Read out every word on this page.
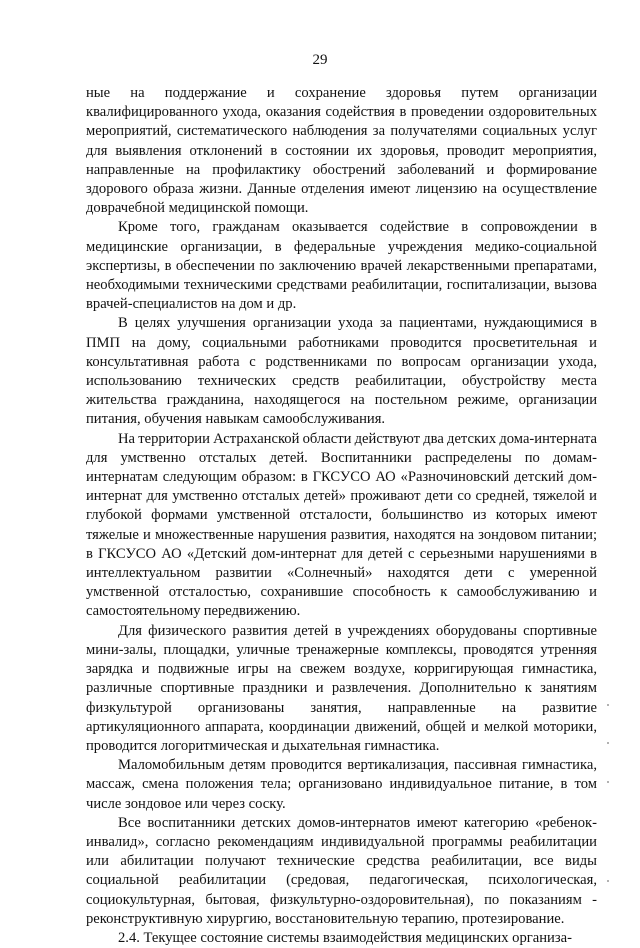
29

ные на поддержание и сохранение здоровья путем организации квалифицированного ухода, оказания содействия в проведении оздоровительных мероприятий, систематического наблюдения за получателями социальных услуг для выявления отклонений в состоянии их здоровья, проводит мероприятия, направленные на профилактику обострений заболеваний и формирование здорового образа жизни. Данные отделения имеют лицензию на осуществление доврачебной медицинской помощи.

Кроме того, гражданам оказывается содействие в сопровождении в медицинские организации, в федеральные учреждения медико-социальной экспертизы, в обеспечении по заключению врачей лекарственными препаратами, необходимыми техническими средствами реабилитации, госпитализации, вызова врачей-специалистов на дом и др.

В целях улучшения организации ухода за пациентами, нуждающимися в ПМП на дому, социальными работниками проводится просветительная и консультативная работа с родственниками по вопросам организации ухода, использованию технических средств реабилитации, обустройству места жительства гражданина, находящегося на постельном режиме, организации питания, обучения навыкам самообслуживания.

На территории Астраханской области действуют два детских дома-интерната для умственно отсталых детей. Воспитанники распределены по домам-интернатам следующим образом: в ГКСУСО АО «Разночиновский детский дом-интернат для умственно отсталых детей» проживают дети со средней, тяжелой и глубокой формами умственной отсталости, большинство из которых имеют тяжелые и множественные нарушения развития, находятся на зондовом питании; в ГКСУСО АО «Детский дом-интернат для детей с серьезными нарушениями в интеллектуальном развитии «Солнечный» находятся дети с умеренной умственной отсталостью, сохранившие способность к самообслуживанию и самостоятельному передвижению.

Для физического развития детей в учреждениях оборудованы спортивные мини-залы, площадки, уличные тренажерные комплексы, проводятся утренняя зарядка и подвижные игры на свежем воздухе, корригирующая гимнастика, различные спортивные праздники и развлечения. Дополнительно к занятиям физкультурой организованы занятия, направленные на развитие артикуляционного аппарата, координации движений, общей и мелкой моторики, проводится логоритмическая и дыхательная гимнастика.

Маломобильным детям проводится вертикализация, пассивная гимнастика, массаж, смена положения тела; организовано индивидуальное питание, в том числе зондовое или через соску.

Все воспитанники детских домов-интернатов имеют категорию «ребенок-инвалид», согласно рекомендациям индивидуальной программы реабилитации или абилитации получают технические средства реабилитации, все виды социальной реабилитации (средовая, педагогическая, психологическая, социокультурная, бытовая, физкультурно-оздоровительная), по показаниям - реконструктивную хирургию, восстановительную терапию, протезирование.

2.4. Текущее состояние системы взаимодействия медицинских организа-
